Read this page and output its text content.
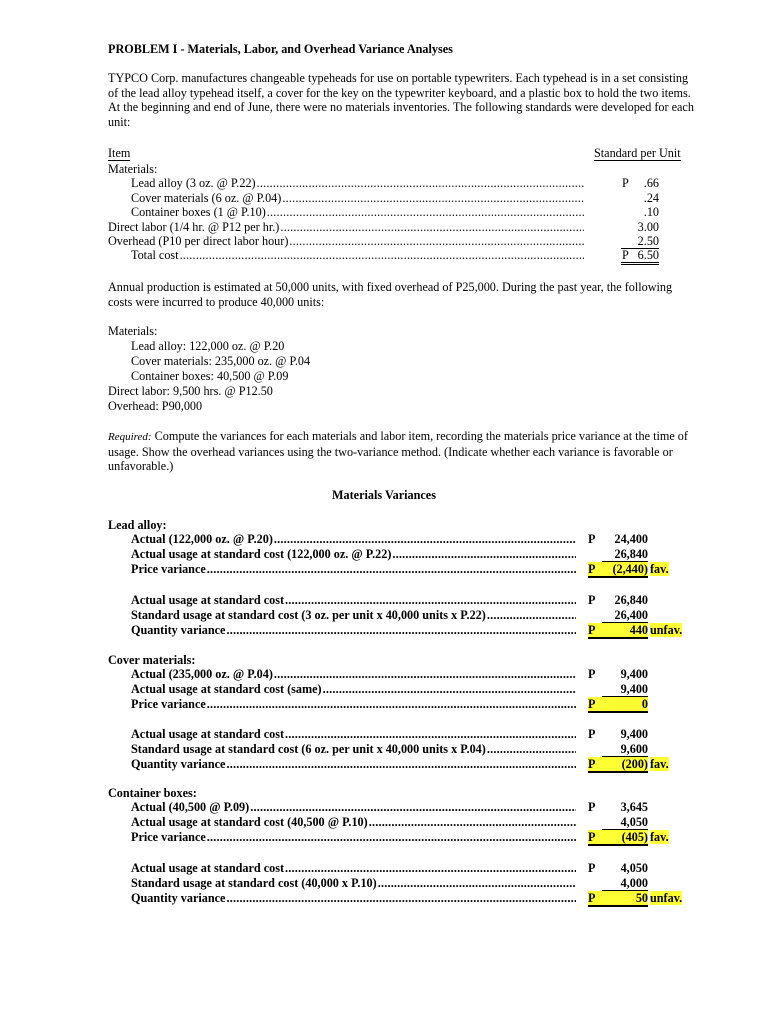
PROBLEM I - Materials, Labor, and Overhead Variance Analyses
TYPCO Corp. manufactures changeable typeheads for use on portable typewriters. Each typehead is in a set consisting of the lead alloy typehead itself, a cover for the key on the typewriter keyboard, and a plastic box to hold the two items. At the beginning and end of June, there were no materials inventories. The following standards were developed for each unit:
Item	Standard per Unit
Materials:
Lead alloy (3 oz. @ P.22) .....	P .66
Cover materials (6 oz. @ P.04) .....	.24
Container boxes (1 @ P.10) .....	.10
Direct labor (1/4 hr. @ P12 per hr.) .....	3.00
Overhead (P10 per direct labor hour) .....	2.50
Total cost .....	P 6.50
Annual production is estimated at 50,000 units, with fixed overhead of P25,000. During the past year, the following costs were incurred to produce 40,000 units:
Materials:
Lead alloy: 122,000 oz. @ P.20
Cover materials: 235,000 oz. @ P.04
Container boxes: 40,500 @ P.09
Direct labor: 9,500 hrs. @ P12.50
Overhead: P90,000
Required: Compute the variances for each materials and labor item, recording the materials price variance at the time of usage. Show the overhead variances using the two-variance method. (Indicate whether each variance is favorable or unfavorable.)
Materials Variances
Lead alloy:
Actual (122,000 oz. @ P.20) .....	P	24,400
Actual usage at standard cost (122,000 oz. @ P.22) .....	26,840
Price variance .....	P	(2,440) fav.
Actual usage at standard cost .....	P	26,840
Standard usage at standard cost (3 oz. per unit x 40,000 units x P.22) .....	26,400
Quantity variance .....	P	440 unfav.
Cover materials:
Actual (235,000 oz. @ P.04) .....	P	9,400
Actual usage at standard cost (same) .....	9,400
Price variance .....	P	0
Actual usage at standard cost .....	P	9,400
Standard usage at standard cost (6 oz. per unit x 40,000 units x P.04) .....	9,600
Quantity variance .....	P	(200) fav.
Container boxes:
Actual (40,500 @ P.09) .....	P	3,645
Actual usage at standard cost (40,500 @ P.10) .....	4,050
Price variance .....	P	(405) fav.
Actual usage at standard cost .....	P	4,050
Standard usage at standard cost (40,000 x P.10) .....	4,000
Quantity variance .....	P	50 unfav.
